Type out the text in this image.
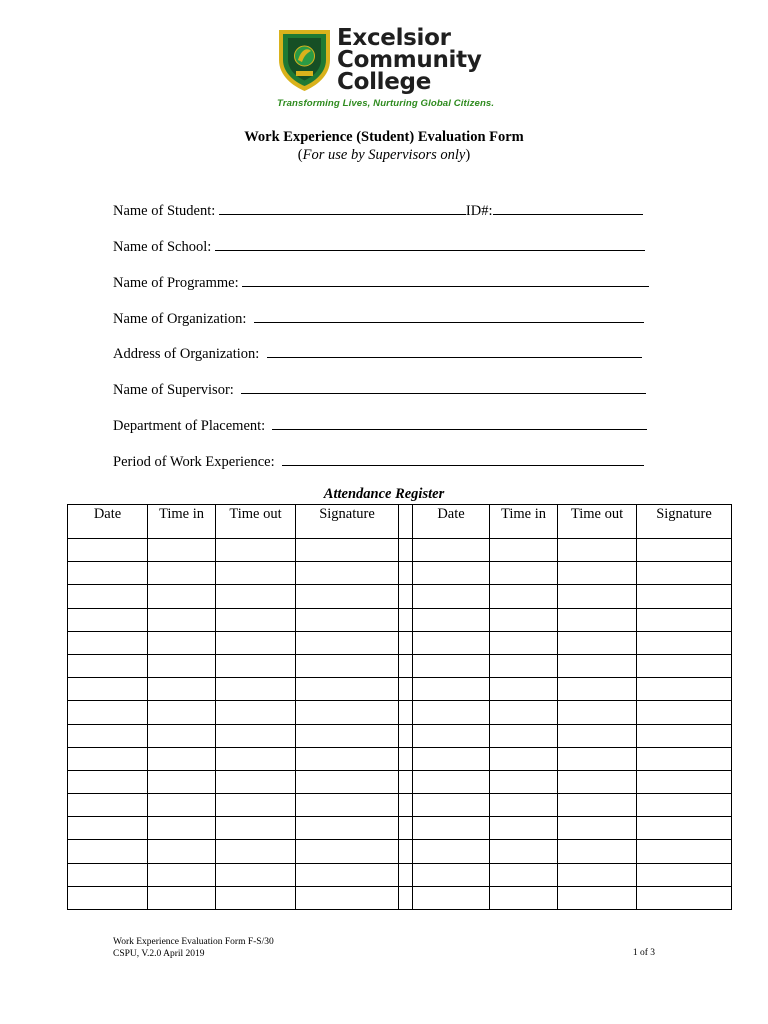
Excelsior
Community
College
Transforming Lives, Nurturing Global Citizens.
Work Experience (Student) Evaluation Form
(For use by Supervisors only)
Name of Student:	ID#:
Name of School:
Name of Programme:
Name of Organization:
Address of Organization:
Name of Supervisor:
Department of Placement:
Period of Work Experience:
Attendance Register
Date	Time in	Time out	Signature		Date	Time in	Time out	Signature

Work Experience Evaluation Form F-S/30
CSPU, V.2.0 April 2019	1 of 3
